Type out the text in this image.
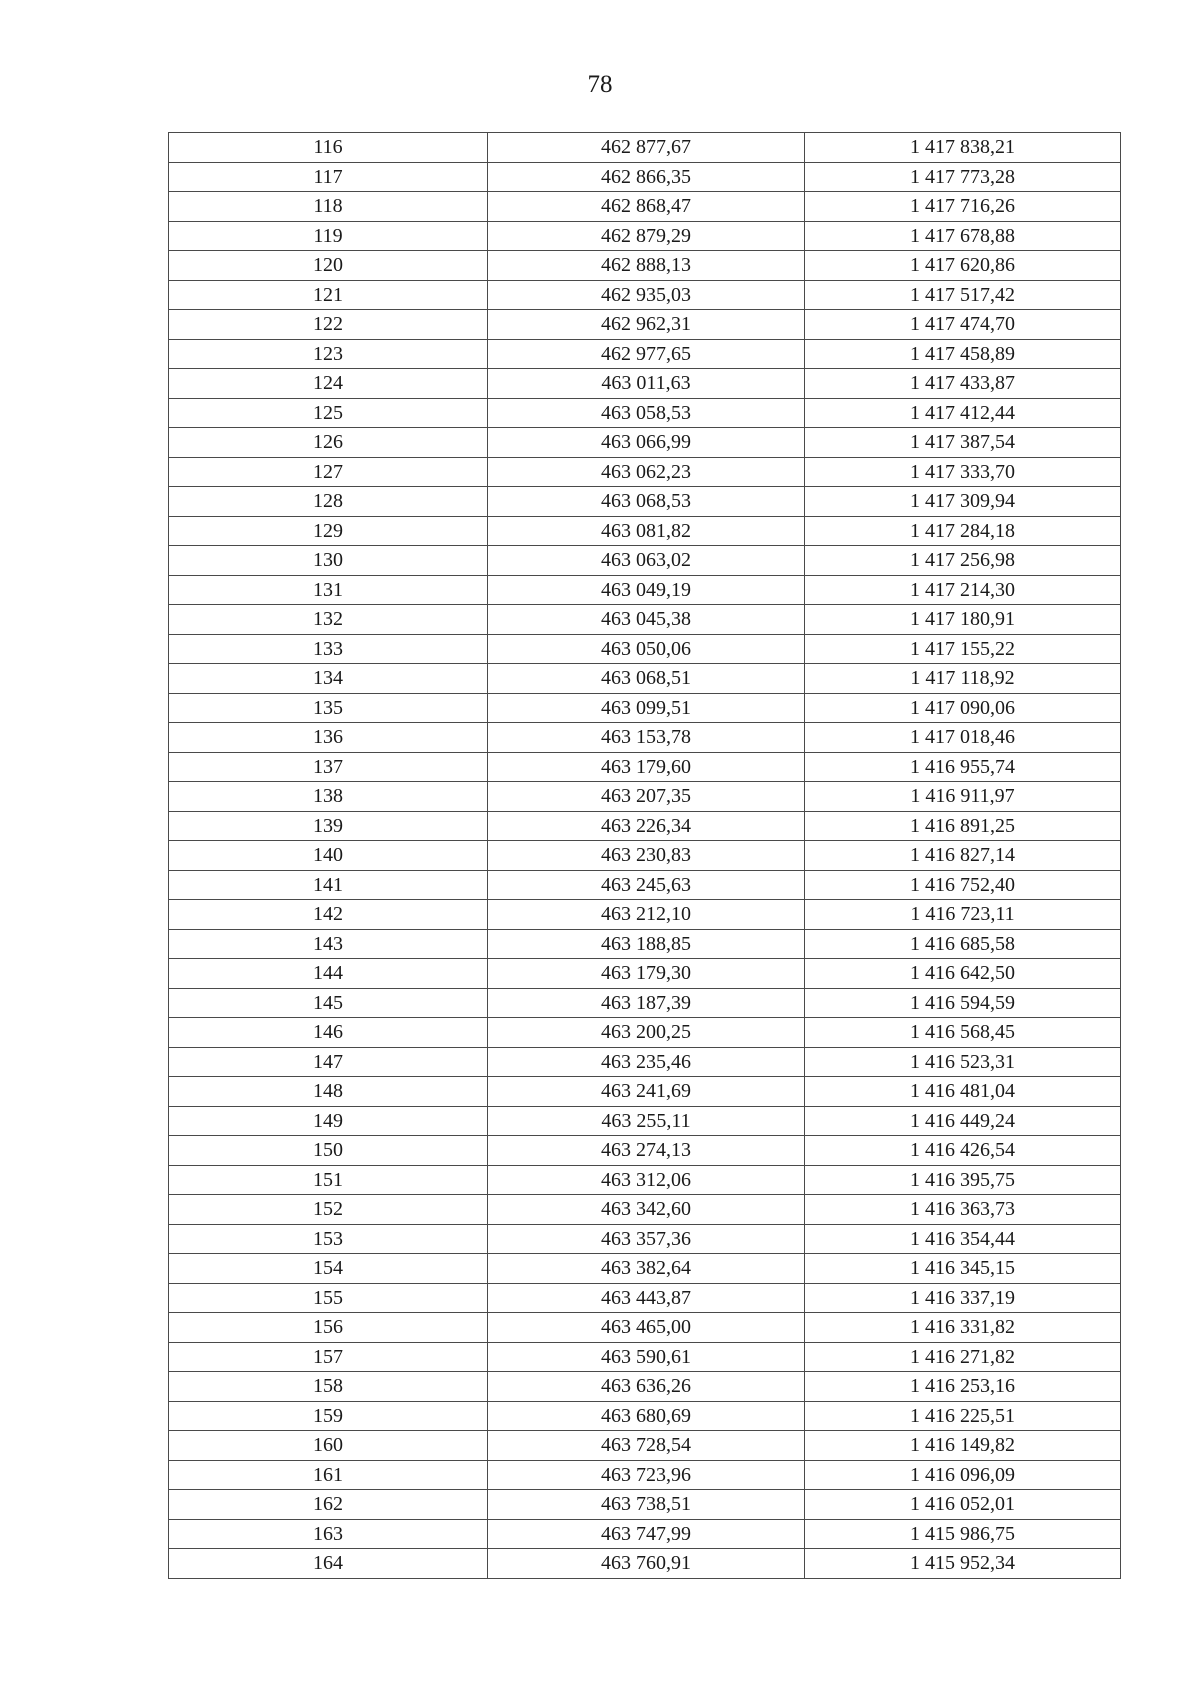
78
116	462 877,67	1 417 838,21
117	462 866,35	1 417 773,28
118	462 868,47	1 417 716,26
119	462 879,29	1 417 678,88
120	462 888,13	1 417 620,86
121	462 935,03	1 417 517,42
122	462 962,31	1 417 474,70
123	462 977,65	1 417 458,89
124	463 011,63	1 417 433,87
125	463 058,53	1 417 412,44
126	463 066,99	1 417 387,54
127	463 062,23	1 417 333,70
128	463 068,53	1 417 309,94
129	463 081,82	1 417 284,18
130	463 063,02	1 417 256,98
131	463 049,19	1 417 214,30
132	463 045,38	1 417 180,91
133	463 050,06	1 417 155,22
134	463 068,51	1 417 118,92
135	463 099,51	1 417 090,06
136	463 153,78	1 417 018,46
137	463 179,60	1 416 955,74
138	463 207,35	1 416 911,97
139	463 226,34	1 416 891,25
140	463 230,83	1 416 827,14
141	463 245,63	1 416 752,40
142	463 212,10	1 416 723,11
143	463 188,85	1 416 685,58
144	463 179,30	1 416 642,50
145	463 187,39	1 416 594,59
146	463 200,25	1 416 568,45
147	463 235,46	1 416 523,31
148	463 241,69	1 416 481,04
149	463 255,11	1 416 449,24
150	463 274,13	1 416 426,54
151	463 312,06	1 416 395,75
152	463 342,60	1 416 363,73
153	463 357,36	1 416 354,44
154	463 382,64	1 416 345,15
155	463 443,87	1 416 337,19
156	463 465,00	1 416 331,82
157	463 590,61	1 416 271,82
158	463 636,26	1 416 253,16
159	463 680,69	1 416 225,51
160	463 728,54	1 416 149,82
161	463 723,96	1 416 096,09
162	463 738,51	1 416 052,01
163	463 747,99	1 415 986,75
164	463 760,91	1 415 952,34
